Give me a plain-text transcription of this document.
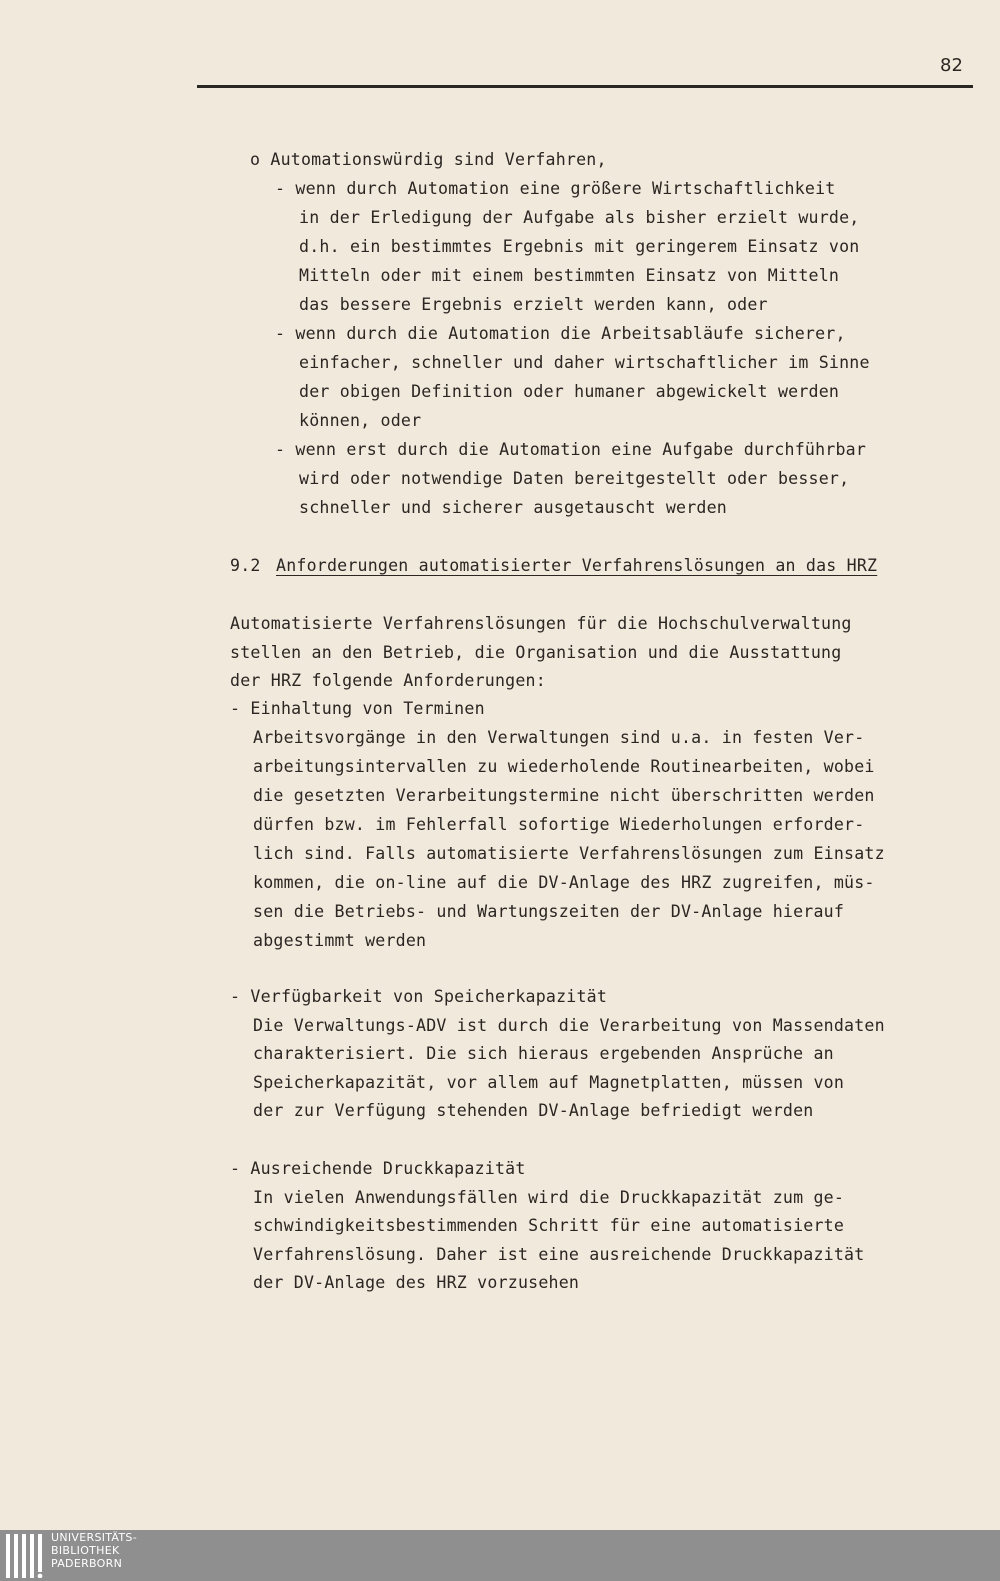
82
o Automationswürdig sind Verfahren,
- wenn durch Automation eine größere Wirtschaftlichkeit
in der Erledigung der Aufgabe als bisher erzielt wurde,
d.h. ein bestimmtes Ergebnis mit geringerem Einsatz von
Mitteln oder mit einem bestimmten Einsatz von Mitteln
das bessere Ergebnis erzielt werden kann, oder
- wenn durch die Automation die Arbeitsabläufe sicherer,
einfacher, schneller und daher wirtschaftlicher im Sinne
der obigen Definition oder humaner abgewickelt werden
können, oder
- wenn erst durch die Automation eine Aufgabe durchführbar
wird oder notwendige Daten bereitgestellt oder besser,
schneller und sicherer ausgetauscht werden
9.2 Anforderungen automatisierter Verfahrenslösungen an das HRZ
Automatisierte Verfahrenslösungen für die Hochschulverwaltung
stellen an den Betrieb, die Organisation und die Ausstattung
der HRZ folgende Anforderungen:
- Einhaltung von Terminen
Arbeitsvorgänge in den Verwaltungen sind u.a. in festen Ver-
arbeitungsintervallen zu wiederholende Routinearbeiten, wobei
die gesetzten Verarbeitungstermine nicht überschritten werden
dürfen bzw. im Fehlerfall sofortige Wiederholungen erforder-
lich sind. Falls automatisierte Verfahrenslösungen zum Einsatz
kommen, die on-line auf die DV-Anlage des HRZ zugreifen, müs-
sen die Betriebs- und Wartungszeiten der DV-Anlage hierauf
abgestimmt werden
- Verfügbarkeit von Speicherkapazität
Die Verwaltungs-ADV ist durch die Verarbeitung von Massendaten
charakterisiert. Die sich hieraus ergebenden Ansprüche an
Speicherkapazität, vor allem auf Magnetplatten, müssen von
der zur Verfügung stehenden DV-Anlage befriedigt werden
- Ausreichende Druckkapazität
In vielen Anwendungsfällen wird die Druckkapazität zum ge-
schwindigkeitsbestimmenden Schritt für eine automatisierte
Verfahrenslösung. Daher ist eine ausreichende Druckkapazität
der DV-Anlage des HRZ vorzusehen
UNIVERSITÄTS-
BIBLIOTHEK
PADERBORN
